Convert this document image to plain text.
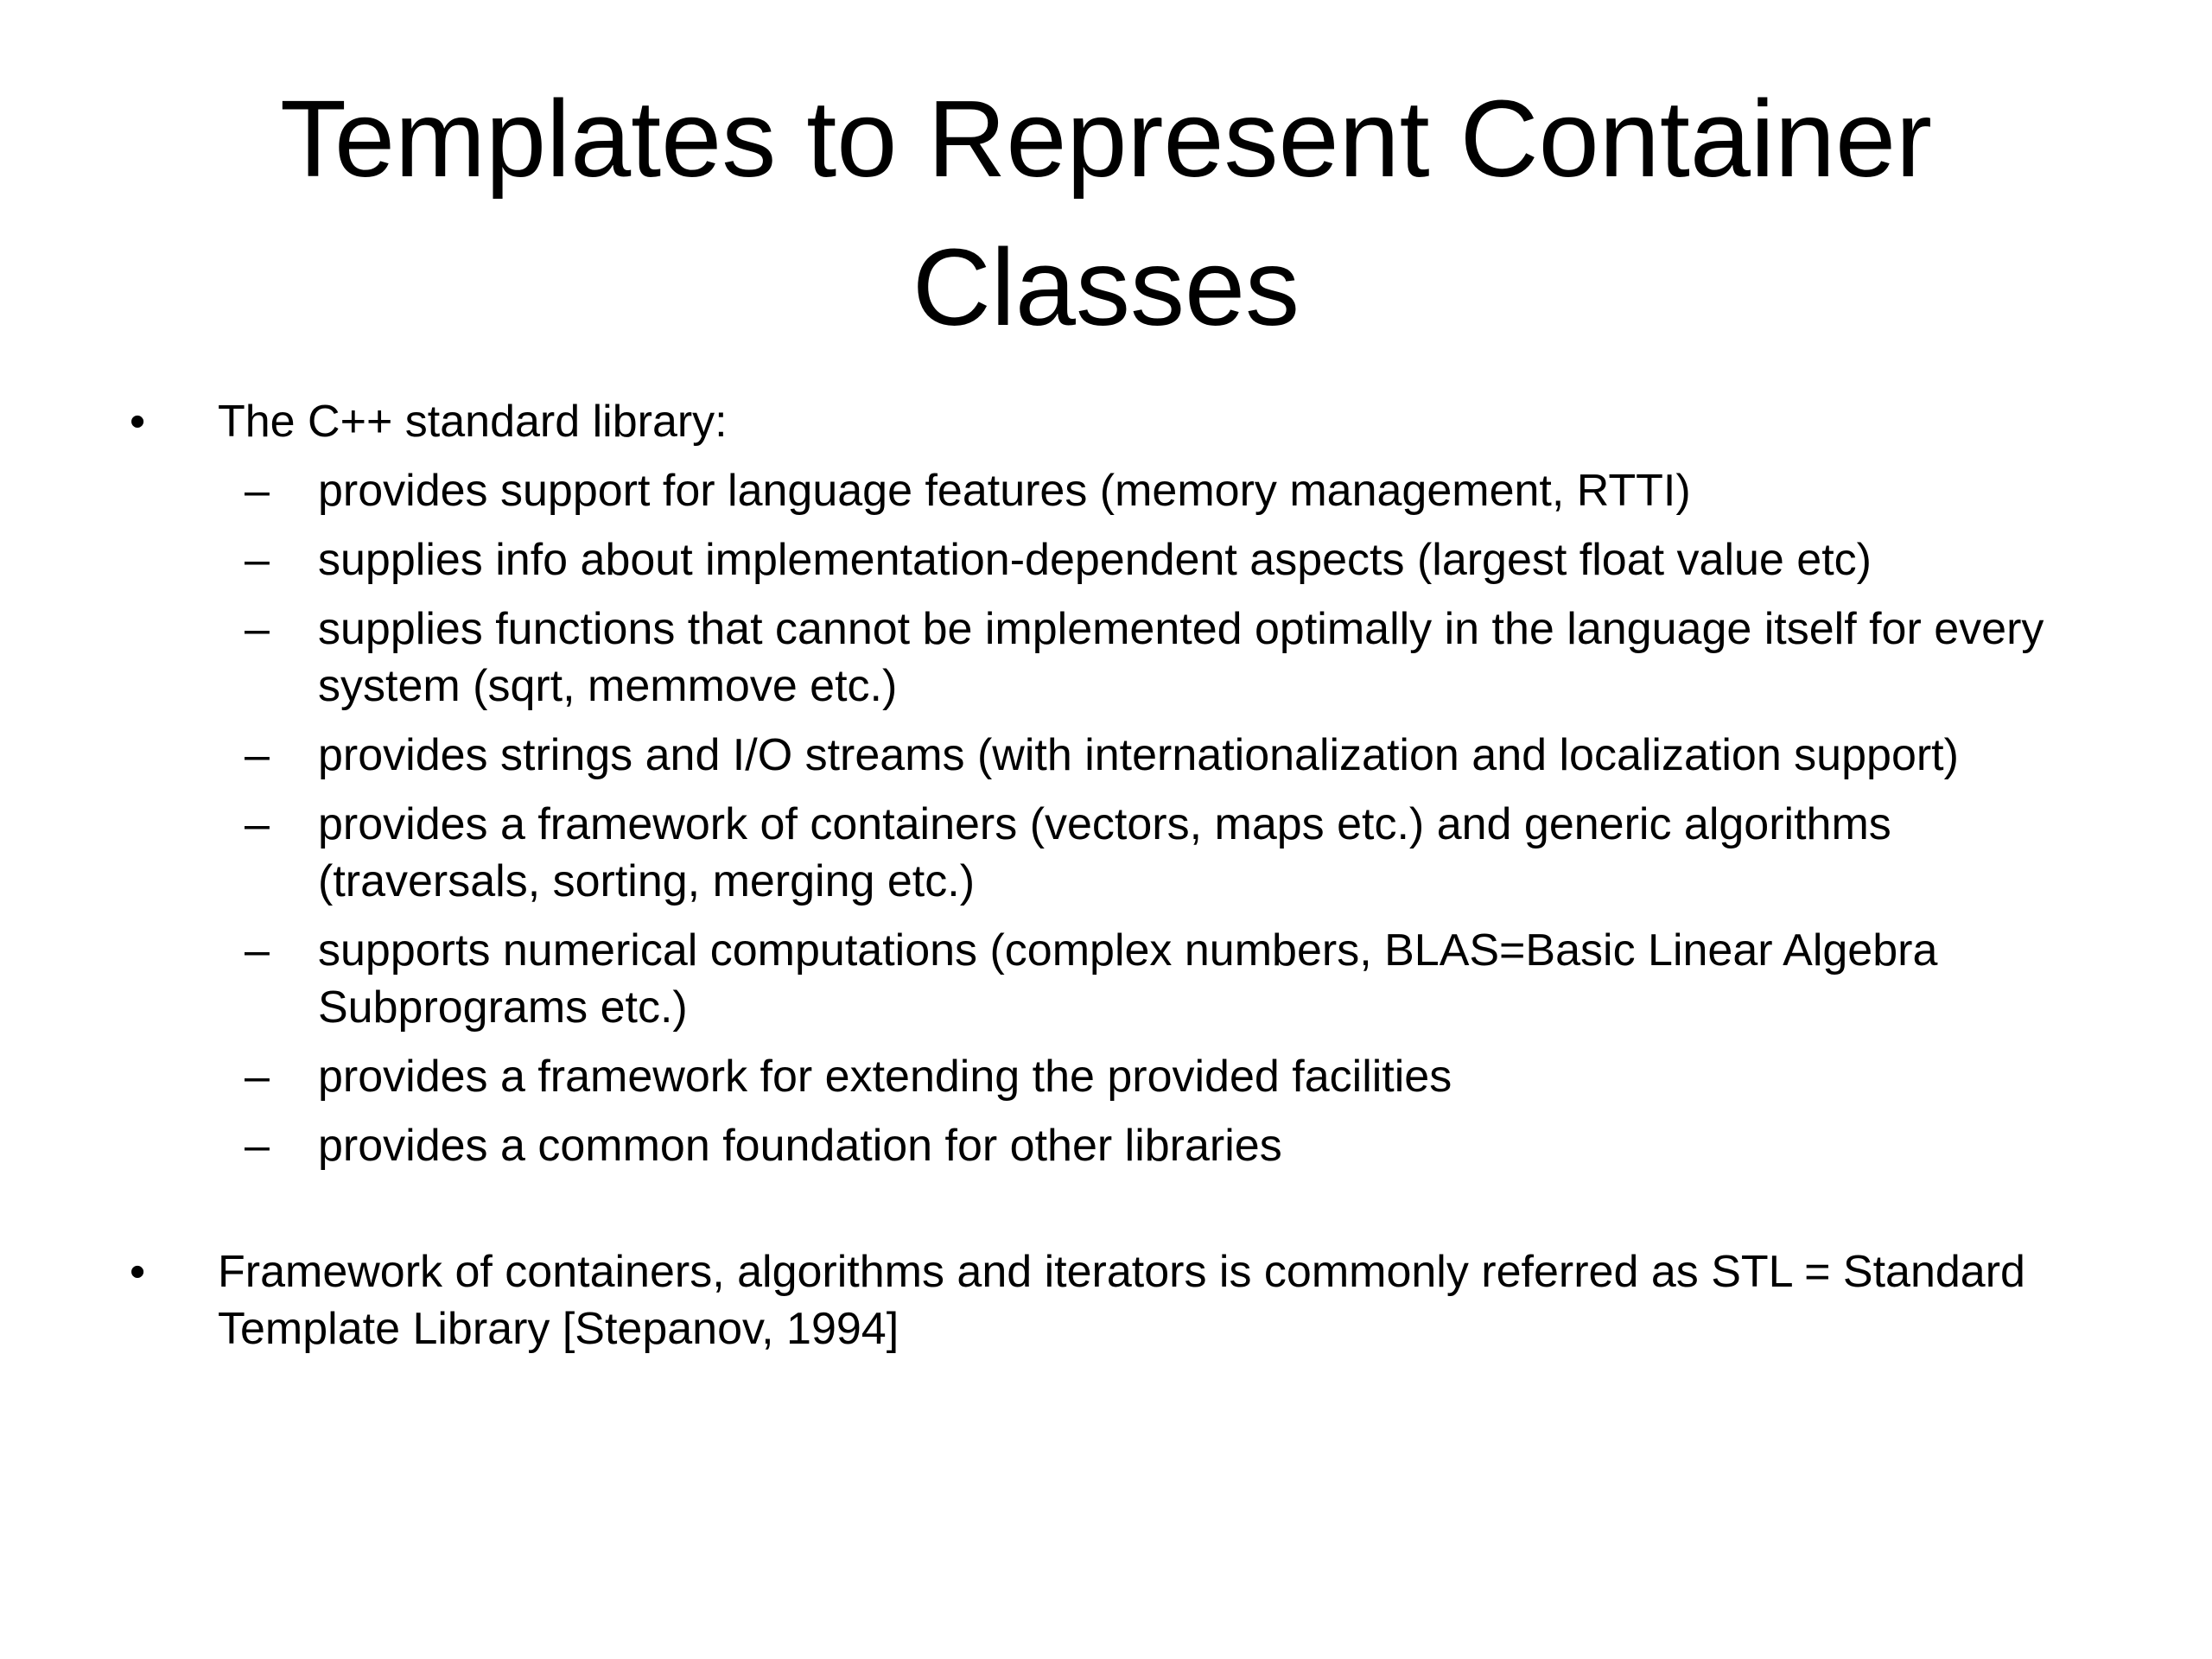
Templates to Represent Container Classes
•	The C++ standard library:
– provides support for language features (memory management, RTTI)
– supplies info about implementation-dependent aspects (largest float value etc)
– supplies functions that cannot be implemented optimally in the language itself for every system (sqrt, memmove etc.)
– provides strings and I/O streams (with internationalization and localization support)
– provides a framework of containers (vectors, maps etc.) and generic algorithms (traversals, sorting, merging etc.)
– supports numerical computations (complex numbers, BLAS=Basic Linear Algebra Subprograms etc.)
– provides a framework for extending the provided facilities
– provides a common foundation for other libraries
•	Framework of containers, algorithms and iterators is commonly referred as STL = Standard Template Library [Stepanov, 1994]
